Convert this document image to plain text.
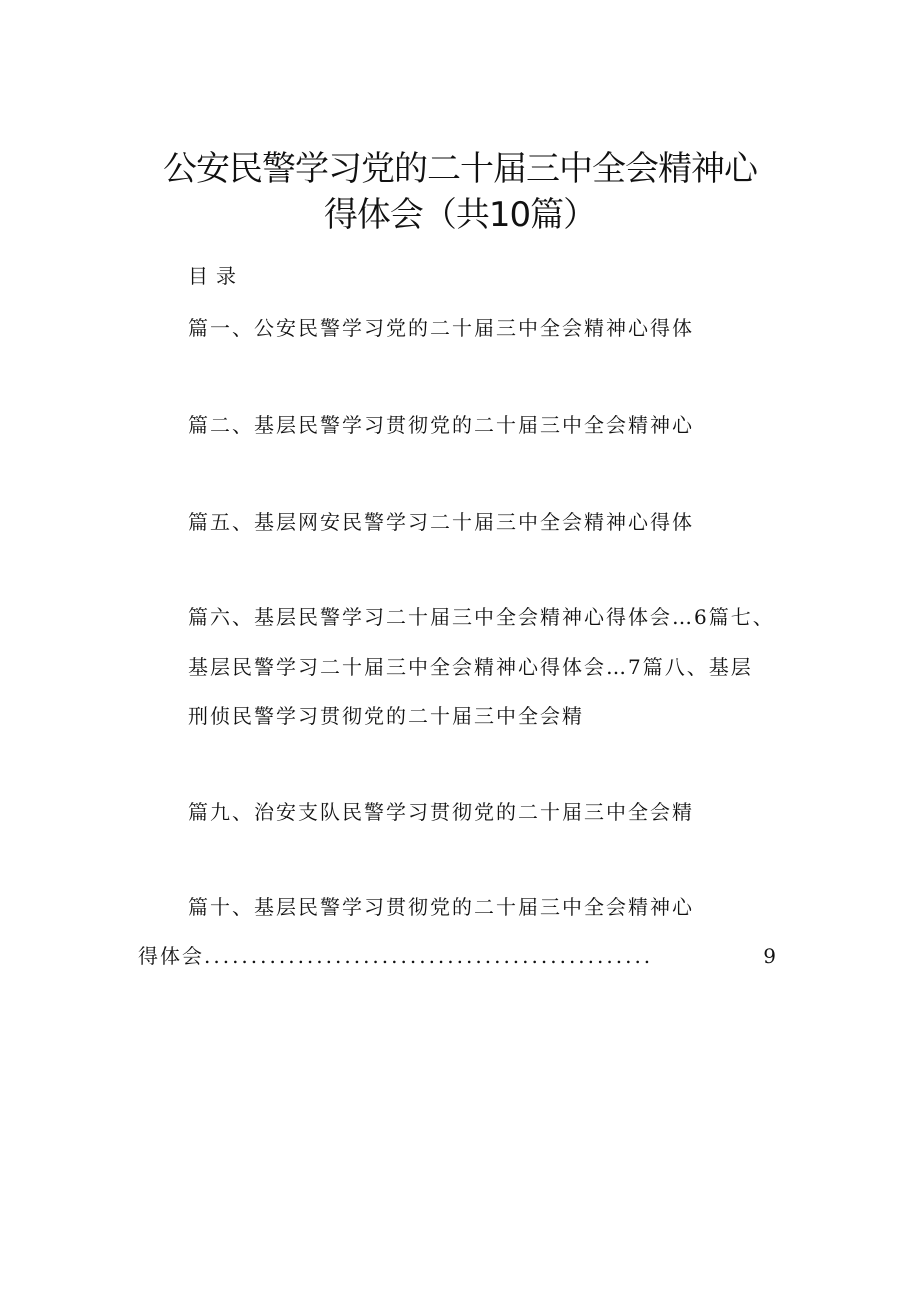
公安民警学习党的二十届三中全会精神心
得体会（共10篇）
目录
篇一、公安民警学习党的二十届三中全会精神心得体
篇二、基层民警学习贯彻党的二十届三中全会精神心
篇五、基层网安民警学习二十届三中全会精神心得体
篇六、基层民警学习二十届三中全会精神心得体会…6篇七、
基层民警学习二十届三中全会精神心得体会…7篇八、基层
刑侦民警学习贯彻党的二十届三中全会精
篇九、治安支队民警学习贯彻党的二十届三中全会精
篇十、基层民警学习贯彻党的二十届三中全会精神心
得体会 ................................................	9
